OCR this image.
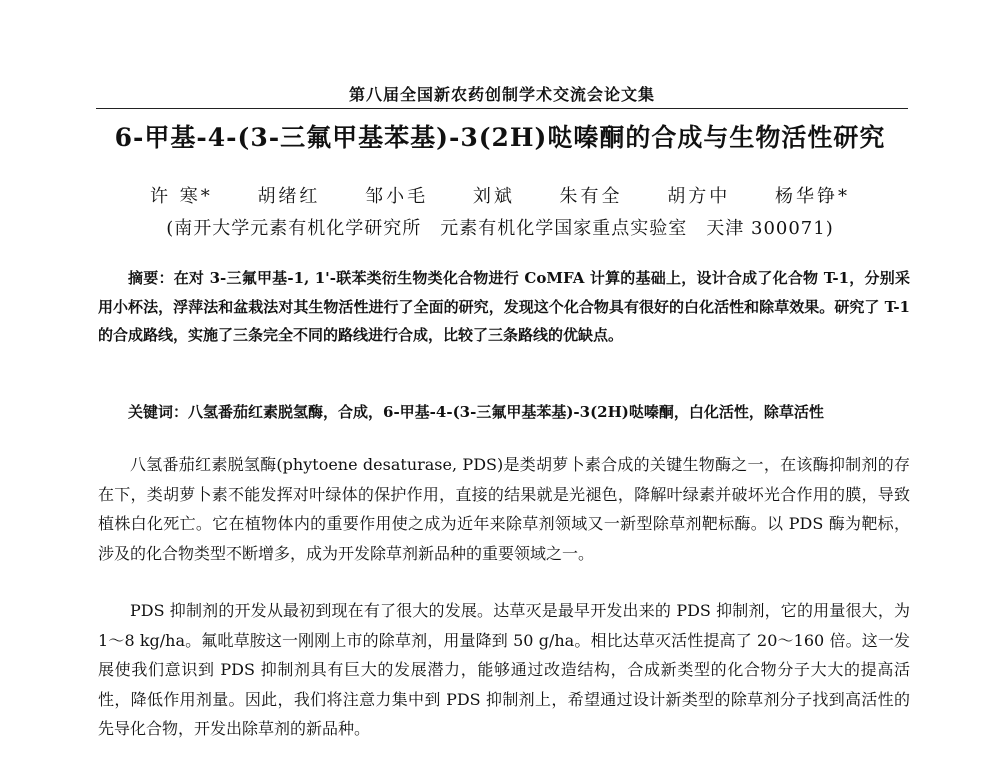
第八届全国新农药创制学术交流会论文集
6-甲基-4-(3-三氟甲基苯基)-3(2H)哒嗪酮的合成与生物活性研究
许 寒* 胡绪红 邹小毛 刘斌 朱有全 胡方中 杨华铮*
(南开大学元素有机化学研究所　元素有机化学国家重点实验室　天津 300071)
摘要：在对 3-三氟甲基-1, 1'-联苯类衍生物类化合物进行 CoMFA 计算的基础上，设计合成了化合物 T-1，分别采用小杯法，浮萍法和盆栽法对其生物活性进行了全面的研究，发现这个化合物具有很好的白化活性和除草效果。研究了 T-1 的合成路线，实施了三条完全不同的路线进行合成，比较了三条路线的优缺点。
关键词：八氢番茄红素脱氢酶，合成，6-甲基-4-(3-三氟甲基苯基)-3(2H)哒嗪酮，白化活性，除草活性
八氢番茄红素脱氢酶(phytoene desaturase, PDS)是类胡萝卜素合成的关键生物酶之一，在该酶抑制剂的存在下，类胡萝卜素不能发挥对叶绿体的保护作用，直接的结果就是光褪色，降解叶绿素并破坏光合作用的膜，导致植株白化死亡。它在植物体内的重要作用使之成为近年来除草剂领域又一新型除草剂靶标酶。以 PDS 酶为靶标，涉及的化合物类型不断增多，成为开发除草剂新品种的重要领域之一。
PDS 抑制剂的开发从最初到现在有了很大的发展。达草灭是最早开发出来的 PDS 抑制剂，它的用量很大，为 1～8 kg/ha。氟吡草胺这一刚刚上市的除草剂，用量降到 50 g/ha。相比达草灭活性提高了 20～160 倍。这一发展使我们意识到 PDS 抑制剂具有巨大的发展潜力，能够通过改造结构，合成新类型的化合物分子大大的提高活性，降低作用剂量。因此，我们将注意力集中到 PDS 抑制剂上，希望通过设计新类型的除草剂分子找到高活性的先导化合物，开发出除草剂的新品种。
